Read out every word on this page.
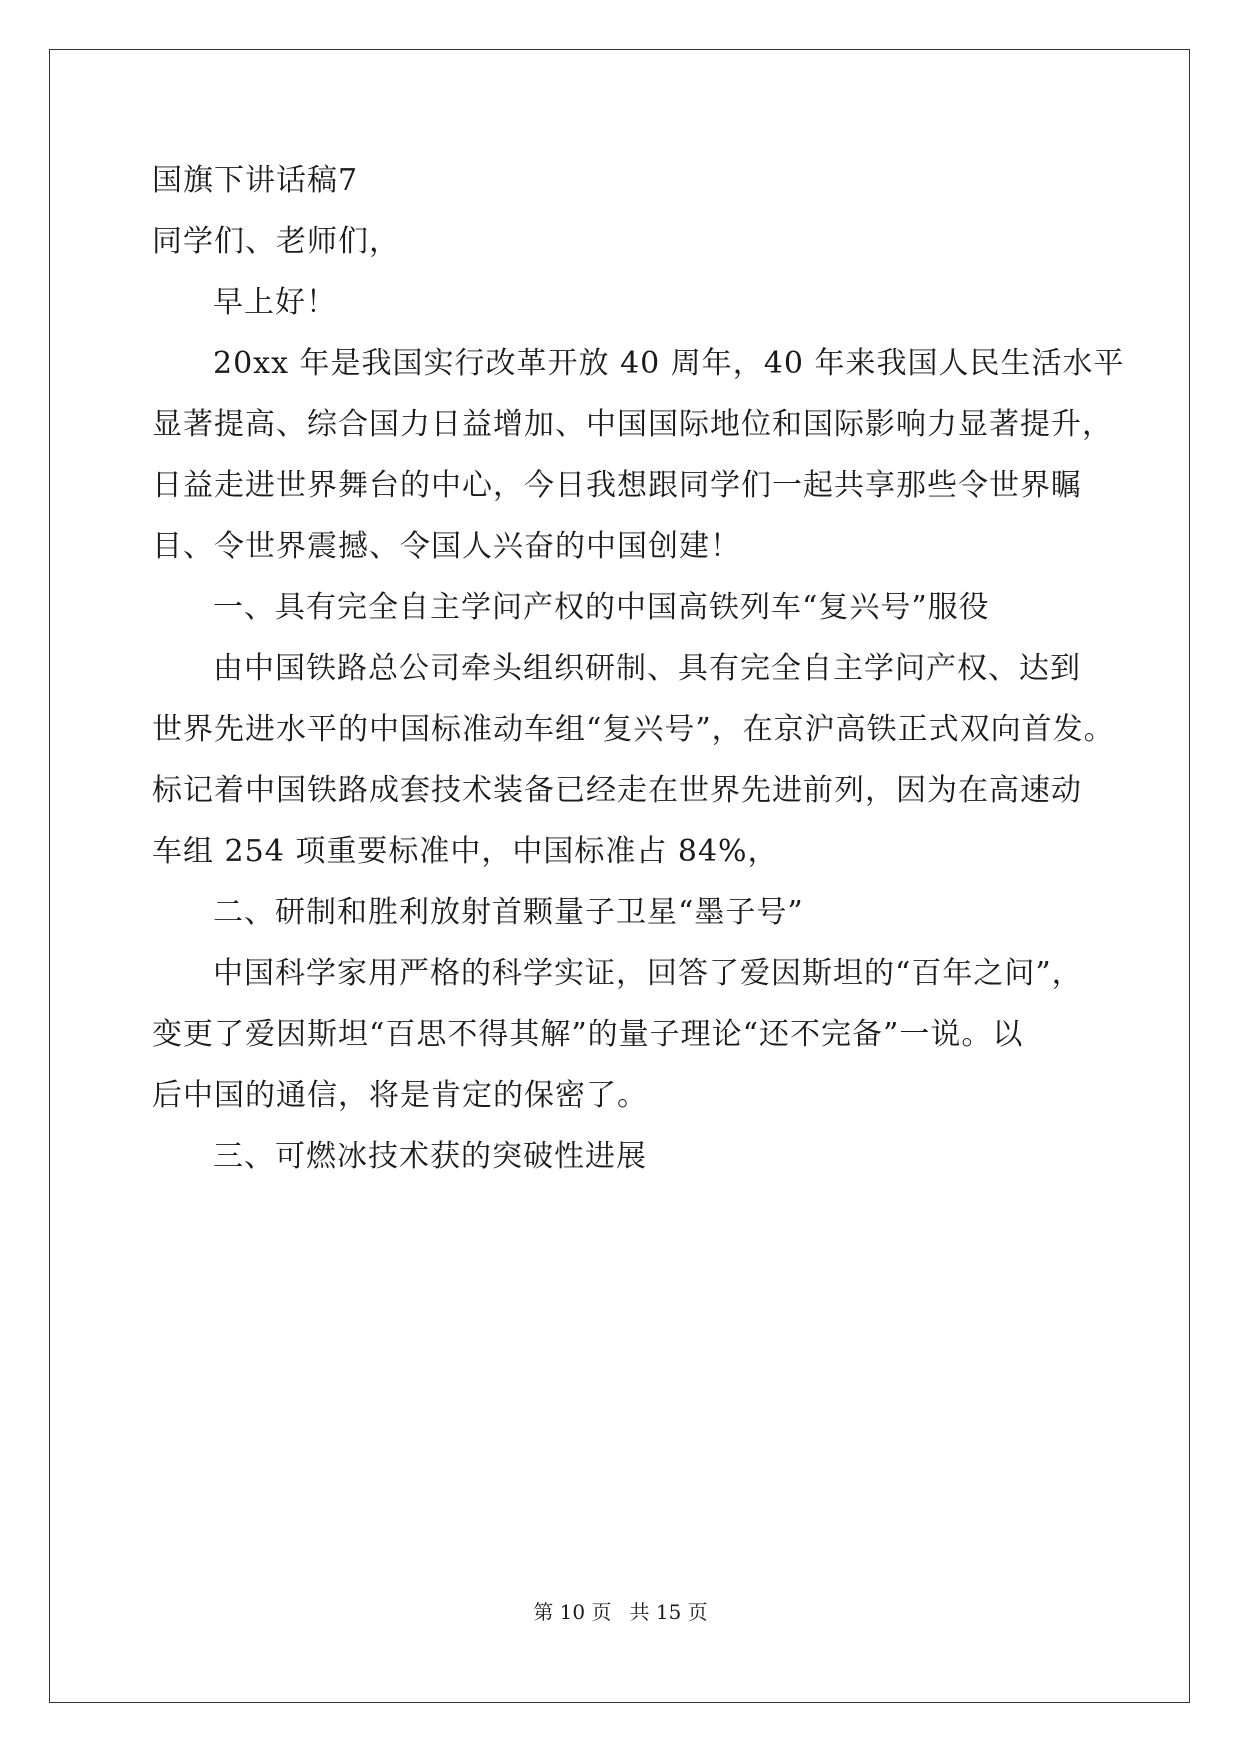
国旗下讲话稿7
同学们、老师们，
早上好！
20xx 年是我国实行改革开放 40 周年，40 年来我国人民生活水平
显著提高、综合国力日益增加、中国国际地位和国际影响力显著提升，
日益走进世界舞台的中心，今日我想跟同学们一起共享那些令世界瞩
目、令世界震撼、令国人兴奋的中国创建！
一、具有完全自主学问产权的中国高铁列车“复兴号”服役
由中国铁路总公司牵头组织研制、具有完全自主学问产权、达到
世界先进水平的中国标准动车组“复兴号”，在京沪高铁正式双向首发。
标记着中国铁路成套技术装备已经走在世界先进前列，因为在高速动
车组 254 项重要标准中，中国标准占 84%，
二、研制和胜利放射首颗量子卫星“墨子号”
中国科学家用严格的科学实证，回答了爱因斯坦的“百年之问”，
变更了爱因斯坦“百思不得其解”的量子理论“还不完备”一说。以
后中国的通信，将是肯定的保密了。
三、可燃冰技术获的突破性进展
第 10 页 共 15 页
